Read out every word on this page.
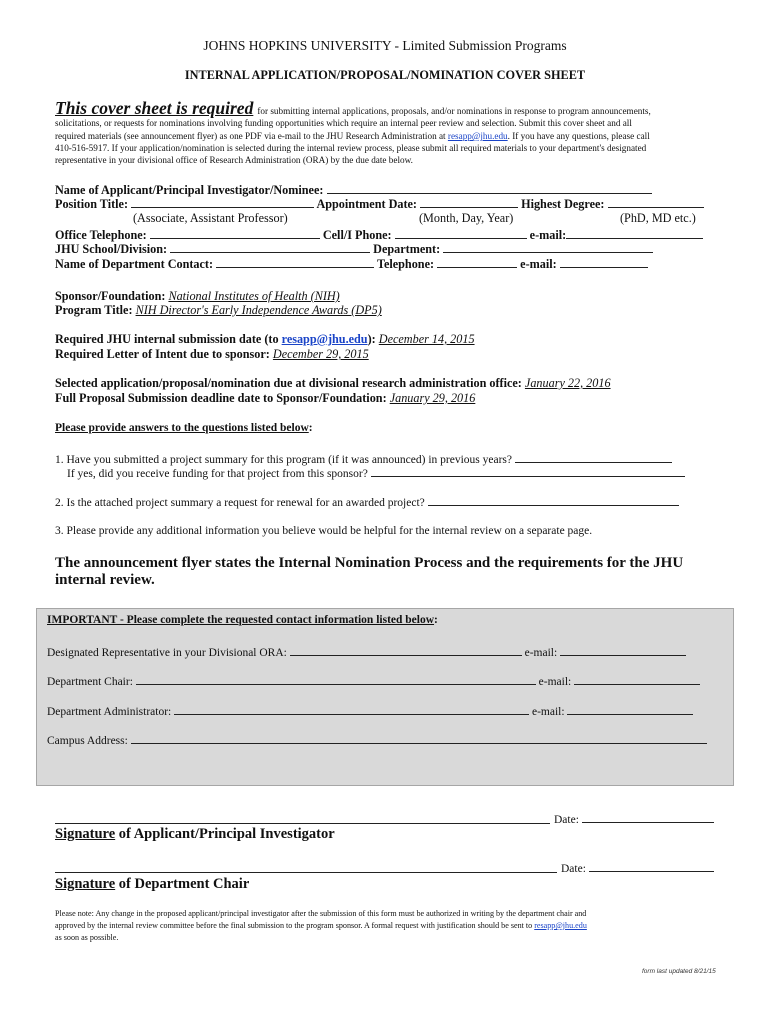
JOHNS HOPKINS UNIVERSITY - Limited Submission Programs
INTERNAL APPLICATION/PROPOSAL/NOMINATION COVER SHEET
This cover sheet is required for submitting internal applications, proposals, and/or nominations in response to program announcements,
solicitations, or requests for nominations involving funding opportunities which require an internal peer review and selection. Submit this cover sheet and all
required materials (see announcement flyer) as one PDF via e-mail to the JHU Research Administration at resapp@jhu.edu. If you have any questions, please call
410-516-5917. If your application/nomination is selected during the internal review process, please submit all required materials to your department's designated
representative in your divisional office of Research Administration (ORA) by the due date below.
Name of Applicant/Principal Investigator/Nominee:
Position Title:	Appointment Date:	Highest Degree:
(Associate, Assistant Professor)	(Month, Day, Year)	(PhD, MD etc.)
Office Telephone:	Cell/I Phone:	e-mail:
JHU School/Division:	Department:
Name of Department Contact:	Telephone:	e-mail:
Sponsor/Foundation: National Institutes of Health (NIH)
Program Title: NIH Director's Early Independence Awards (DP5)
Required JHU internal submission date (to resapp@jhu.edu): December 14, 2015
Required Letter of Intent due to sponsor: December 29, 2015
Selected application/proposal/nomination due at divisional research administration office: January 22, 2016
Full Proposal Submission deadline date to Sponsor/Foundation: January 29, 2016
Please provide answers to the questions listed below:
1. Have you submitted a project summary for this program (if it was announced) in previous years?
If yes, did you receive funding for that project from this sponsor?
2. Is the attached project summary a request for renewal for an awarded project?
3. Please provide any additional information you believe would be helpful for the internal review on a separate page.
The announcement flyer states the Internal Nomination Process and the requirements for the JHU
internal review.
IMPORTANT - Please complete the requested contact information listed below:
Designated Representative in your Divisional ORA:	e-mail:
Department Chair:	e-mail:
Department Administrator:	e-mail:
Campus Address:
Date:
Signature of Applicant/Principal Investigator
Date:
Signature of Department Chair
Please note: Any change in the proposed applicant/principal investigator after the submission of this form must be authorized in writing by the department chair and
approved by the internal review committee before the final submission to the program sponsor. A formal request with justification should be sent to resapp@jhu.edu
as soon as possible.
form last updated 8/21/15
